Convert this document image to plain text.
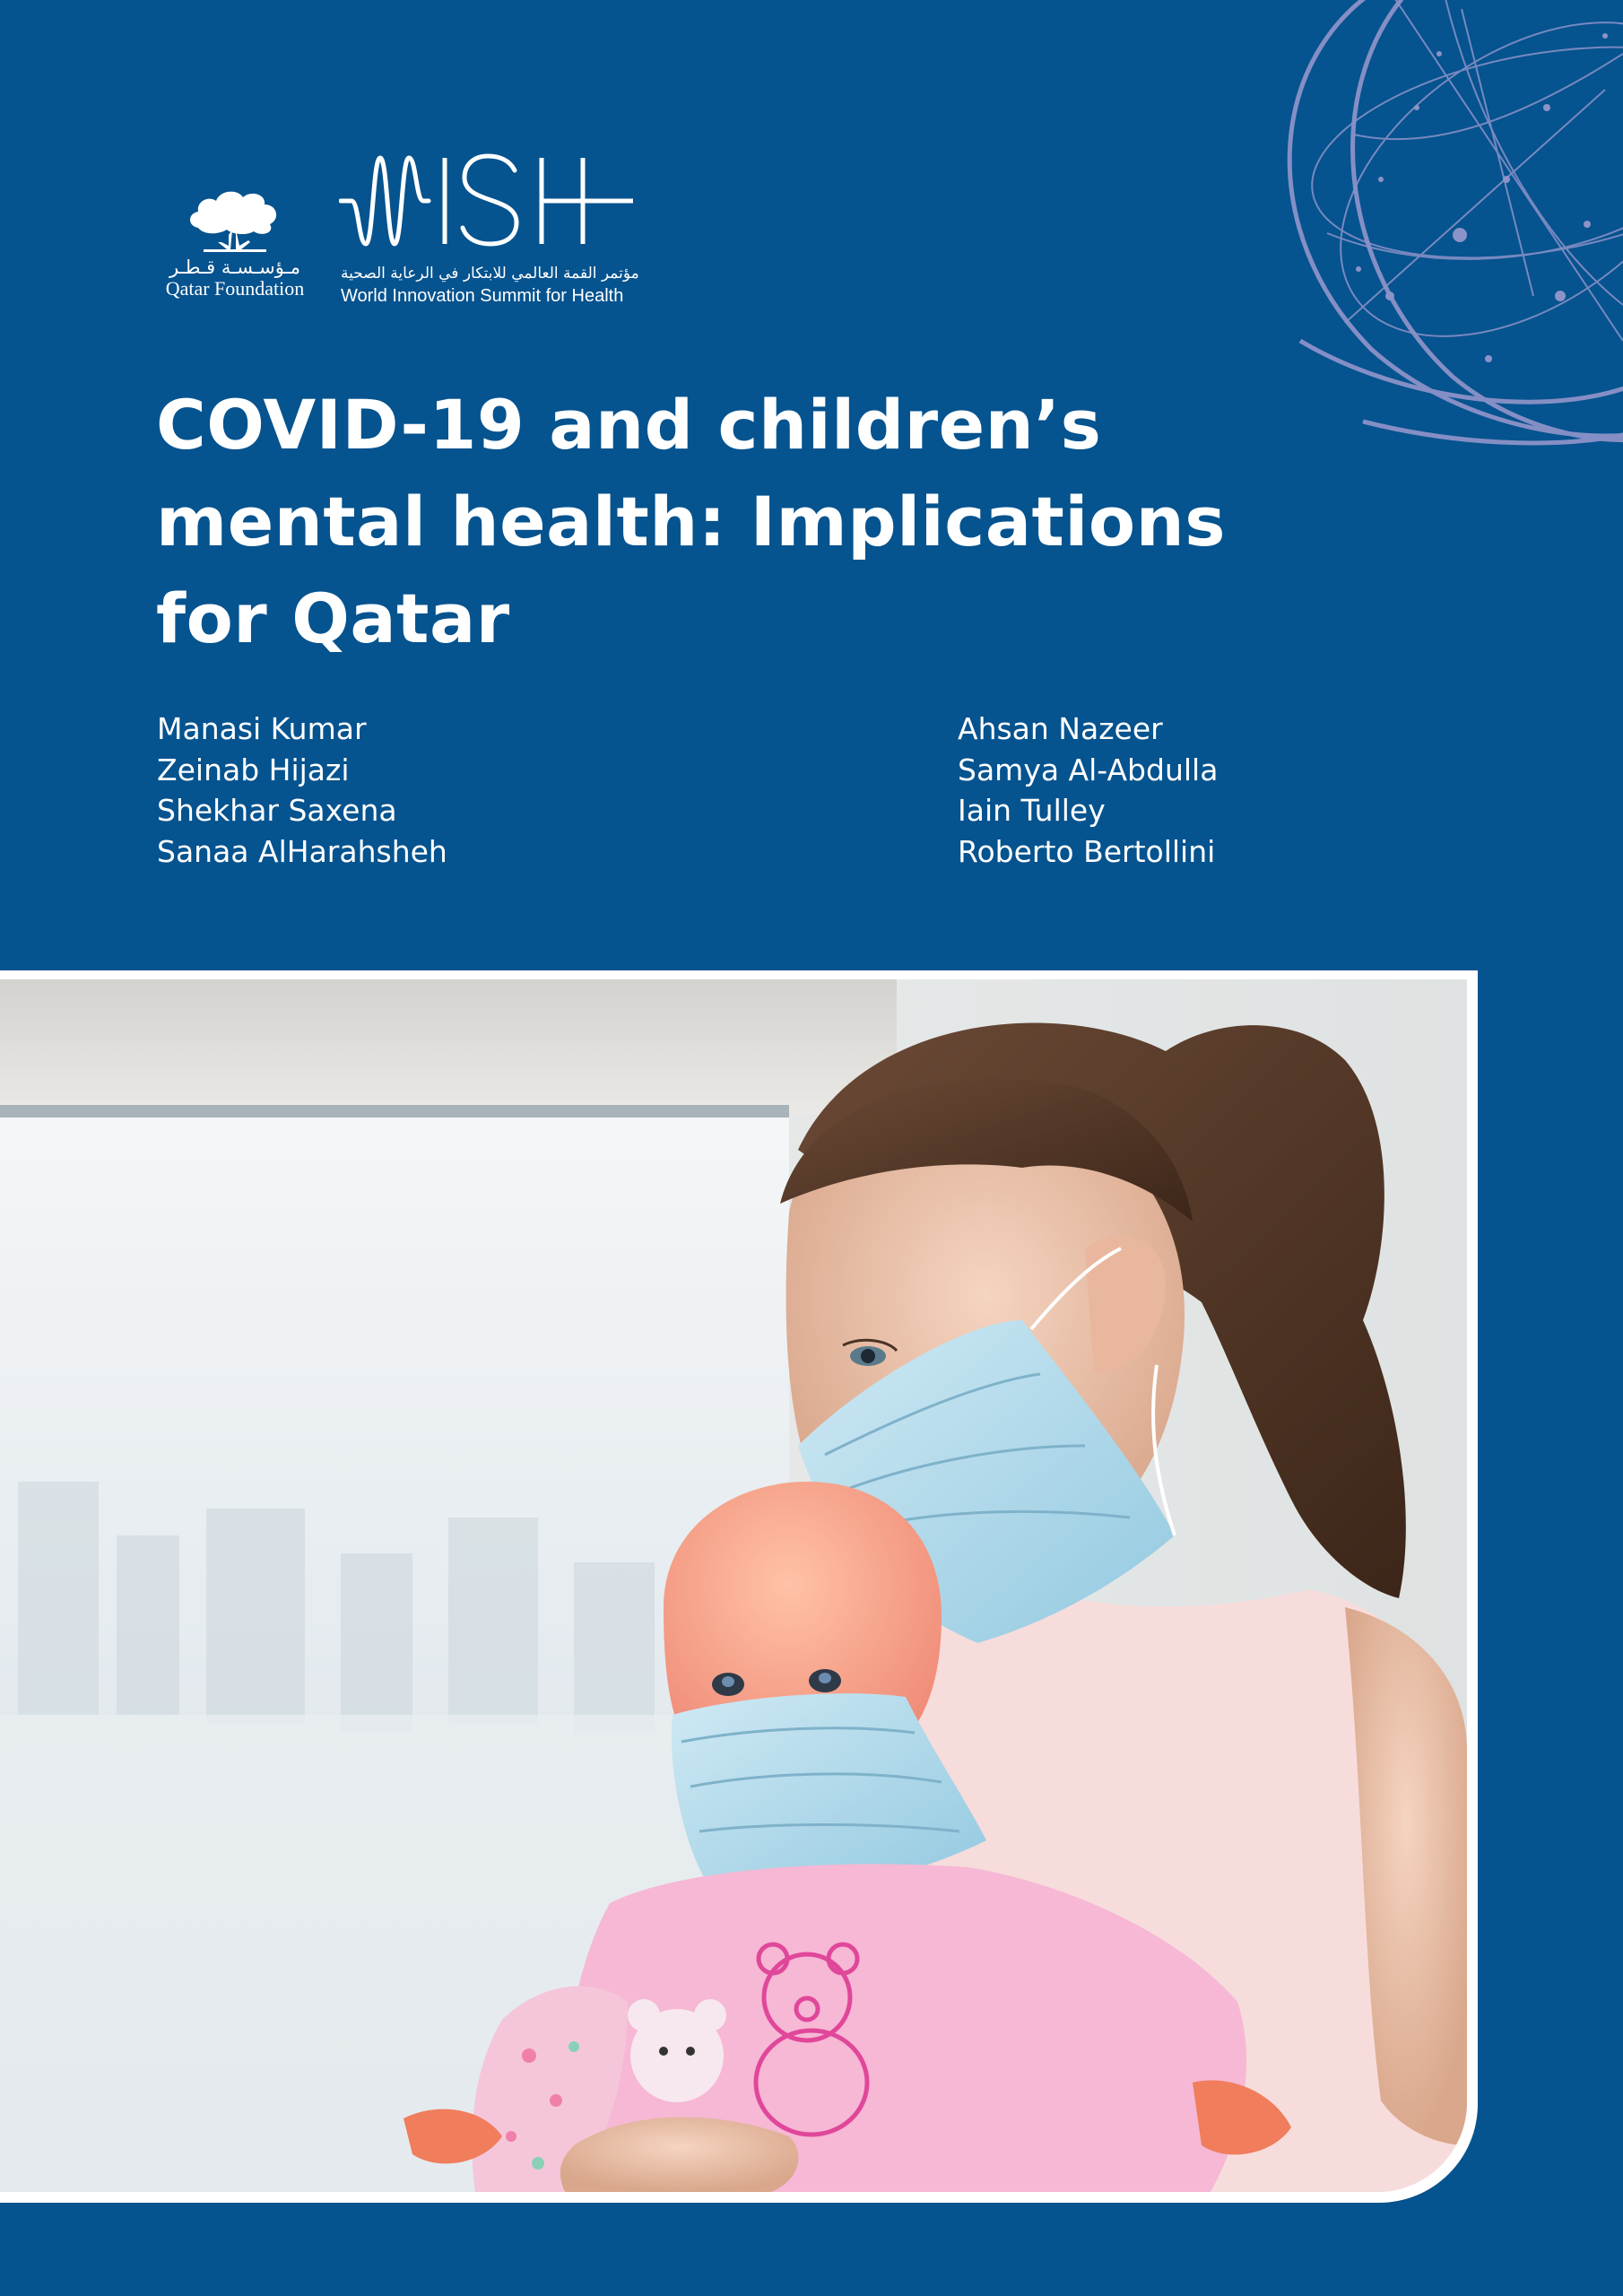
مـؤسـسـة قـطـر
Qatar Foundation
مؤتمر القمة العالمي للابتكار في الرعاية الصحية
World Innovation Summit for Health
COVID-19 and children’s
mental health: Implications
for Qatar
Manasi Kumar
Zeinab Hijazi
Shekhar Saxena
Sanaa AlHarahsheh
Ahsan Nazeer
Samya Al-Abdulla
Iain Tulley
Roberto Bertollini
